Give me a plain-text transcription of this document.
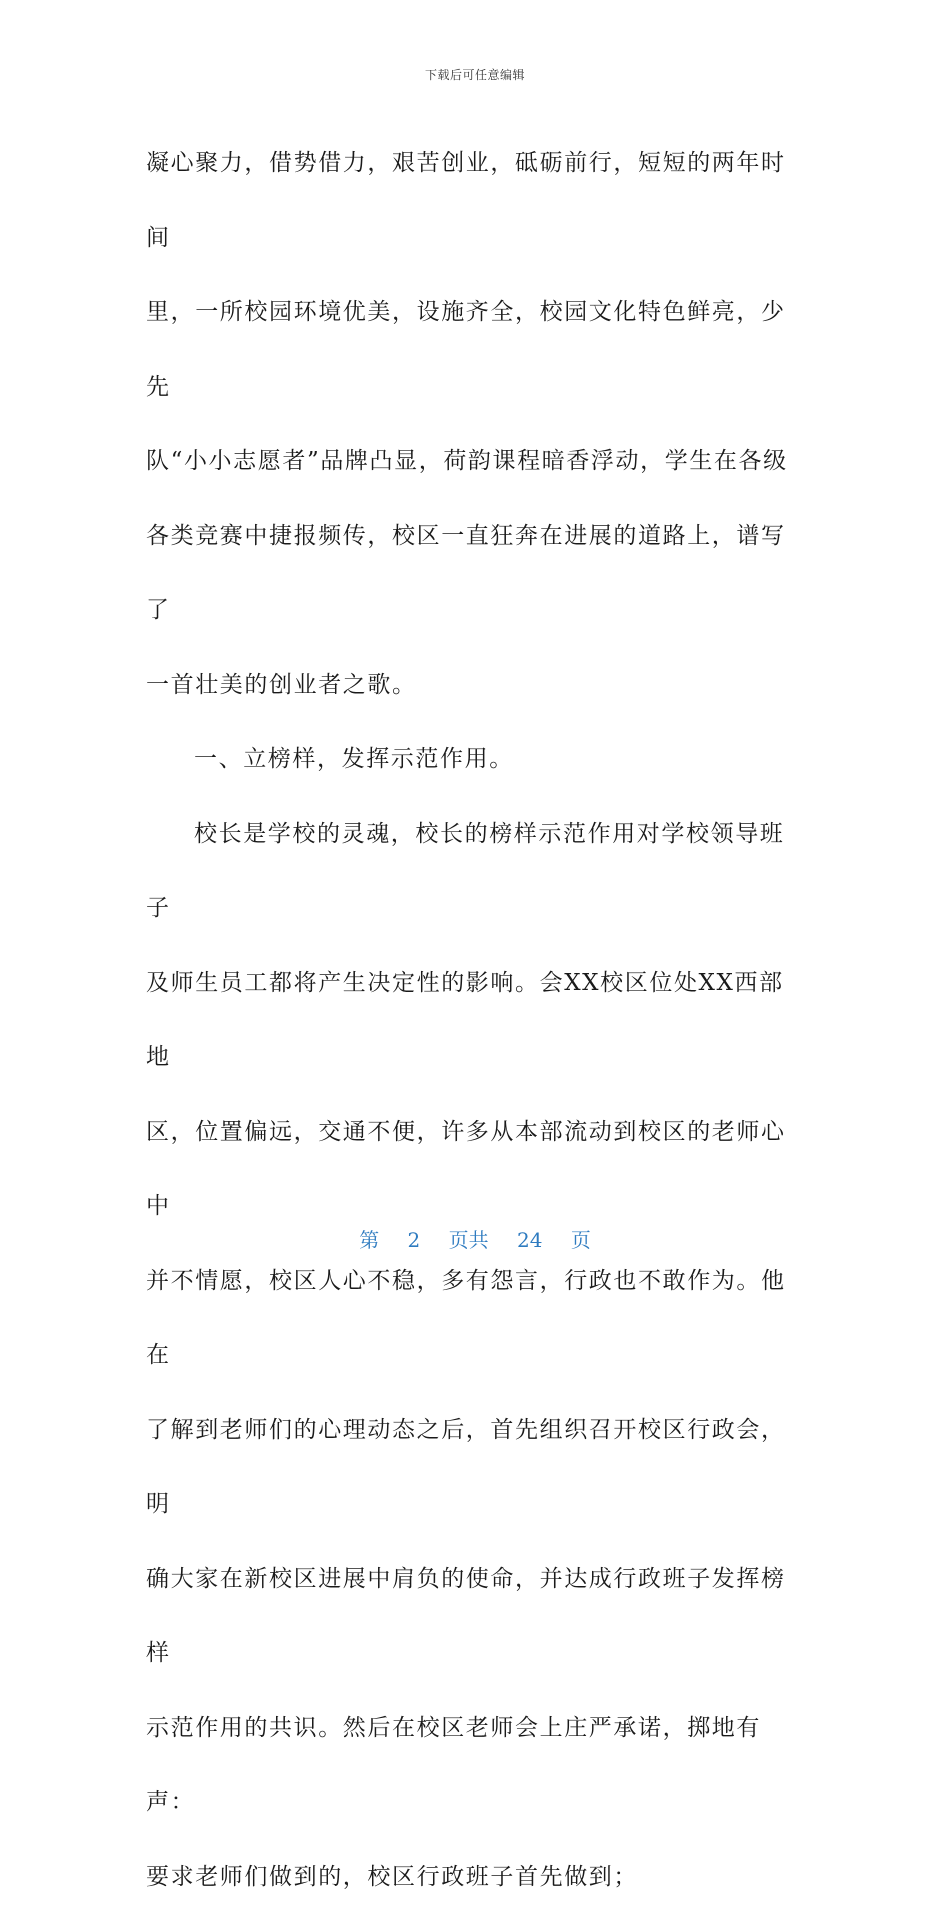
下载后可任意编辑

凝心聚力，借势借力，艰苦创业，砥砺前行，短短的两年时间
里，一所校园环境优美，设施齐全，校园文化特色鲜亮，少先
队“小小志愿者”品牌凸显，荷韵课程暗香浮动，学生在各级
各类竞赛中捷报频传，校区一直狂奔在进展的道路上，谱写了
一首壮美的创业者之歌。

一、立榜样，发挥示范作用。

校长是学校的灵魂，校长的榜样示范作用对学校领导班子
及师生员工都将产生决定性的影响。会XX校区位处XX西部地
区，位置偏远，交通不便，许多从本部流动到校区的老师心中
并不情愿，校区人心不稳，多有怨言，行政也不敢作为。他在
了解到老师们的心理动态之后，首先组织召开校区行政会，明
确大家在新校区进展中肩负的使命，并达成行政班子发挥榜样
示范作用的共识。然后在校区老师会上庄严承诺，掷地有声：
要求老师们做到的，校区行政班子首先做到；

第 2 页共 24 页
